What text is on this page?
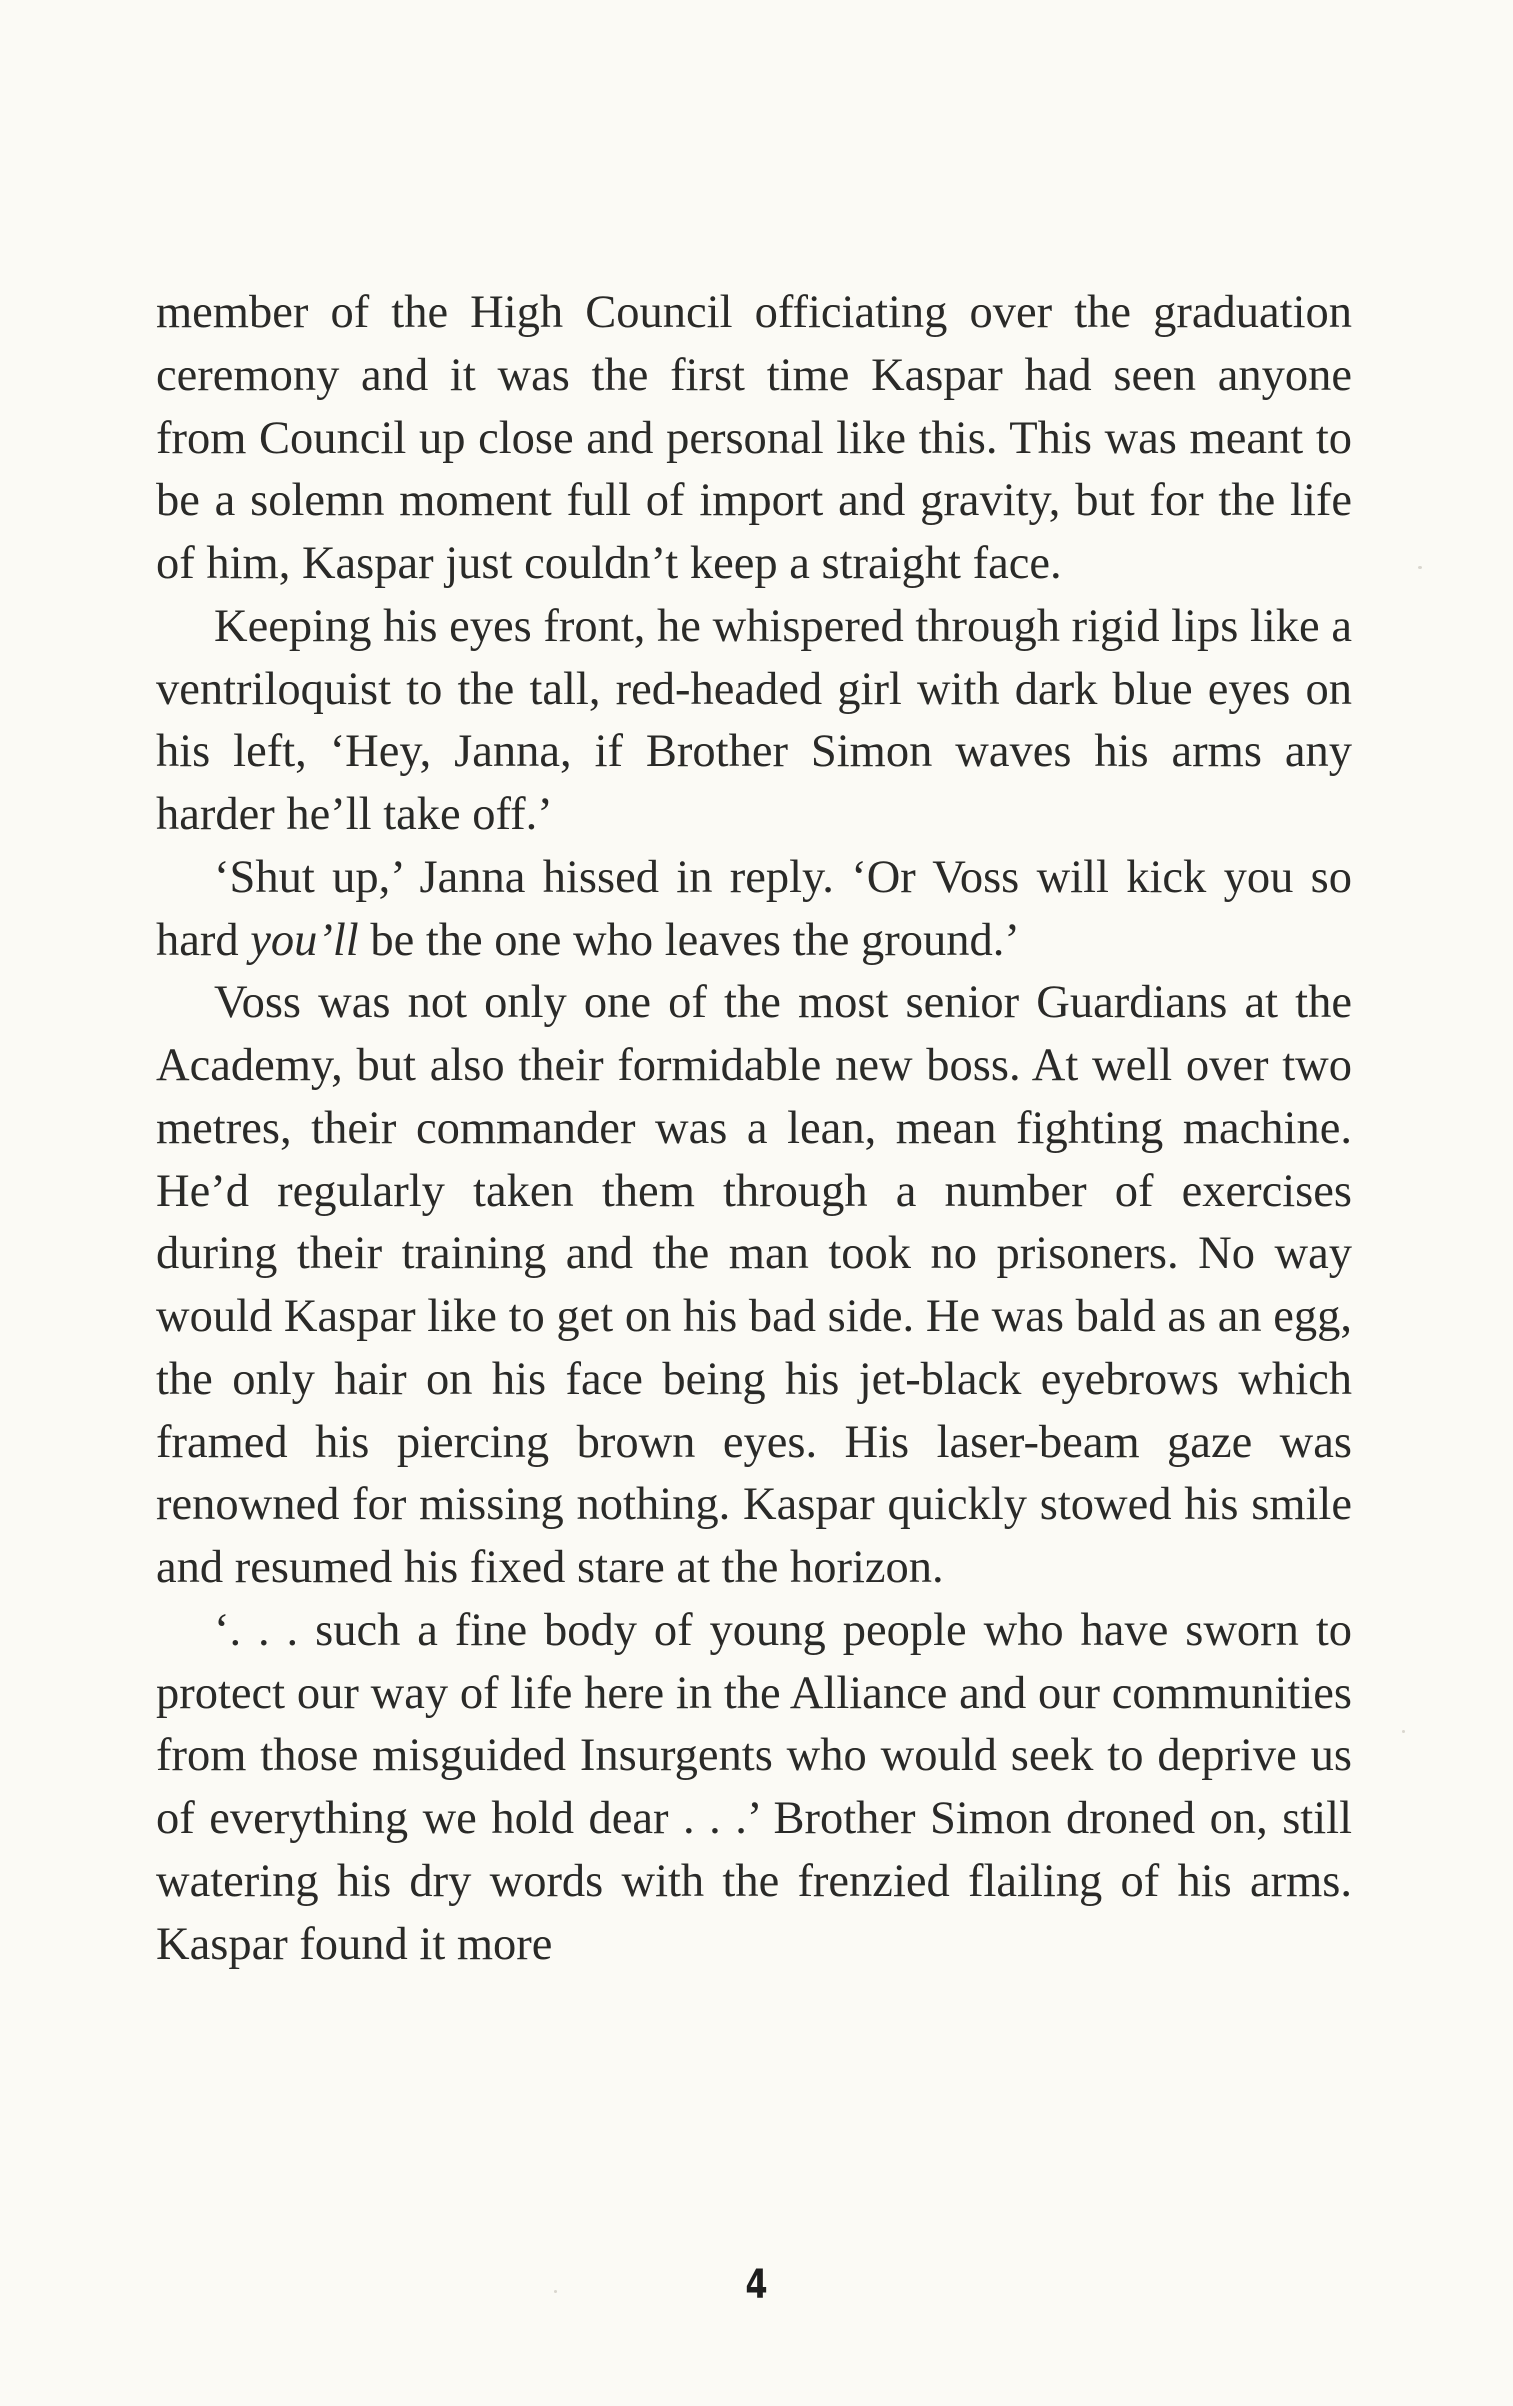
member of the High Council officiating over the graduation ceremony and it was the first time Kaspar had seen anyone from Council up close and personal like this. This was meant to be a solemn moment full of import and gravity, but for the life of him, Kaspar just couldn’t keep a straight face.

Keeping his eyes front, he whispered through rigid lips like a ventriloquist to the tall, red-headed girl with dark blue eyes on his left, ‘Hey, Janna, if Brother Simon waves his arms any harder he’ll take off.’

‘Shut up,’ Janna hissed in reply. ‘Or Voss will kick you so hard you’ll be the one who leaves the ground.’

Voss was not only one of the most senior Guardians at the Academy, but also their formidable new boss. At well over two metres, their commander was a lean, mean fighting machine. He’d regularly taken them through a number of exercises during their training and the man took no prisoners. No way would Kaspar like to get on his bad side. He was bald as an egg, the only hair on his face being his jet-black eyebrows which framed his piercing brown eyes. His laser-beam gaze was renowned for missing nothing. Kaspar quickly stowed his smile and resumed his fixed stare at the horizon.

‘. . . such a fine body of young people who have sworn to protect our way of life here in the Alliance and our communities from those misguided Insurgents who would seek to deprive us of everything we hold dear . . .’ Brother Simon droned on, still watering his dry words with the frenzied flailing of his arms. Kaspar found it more

4
